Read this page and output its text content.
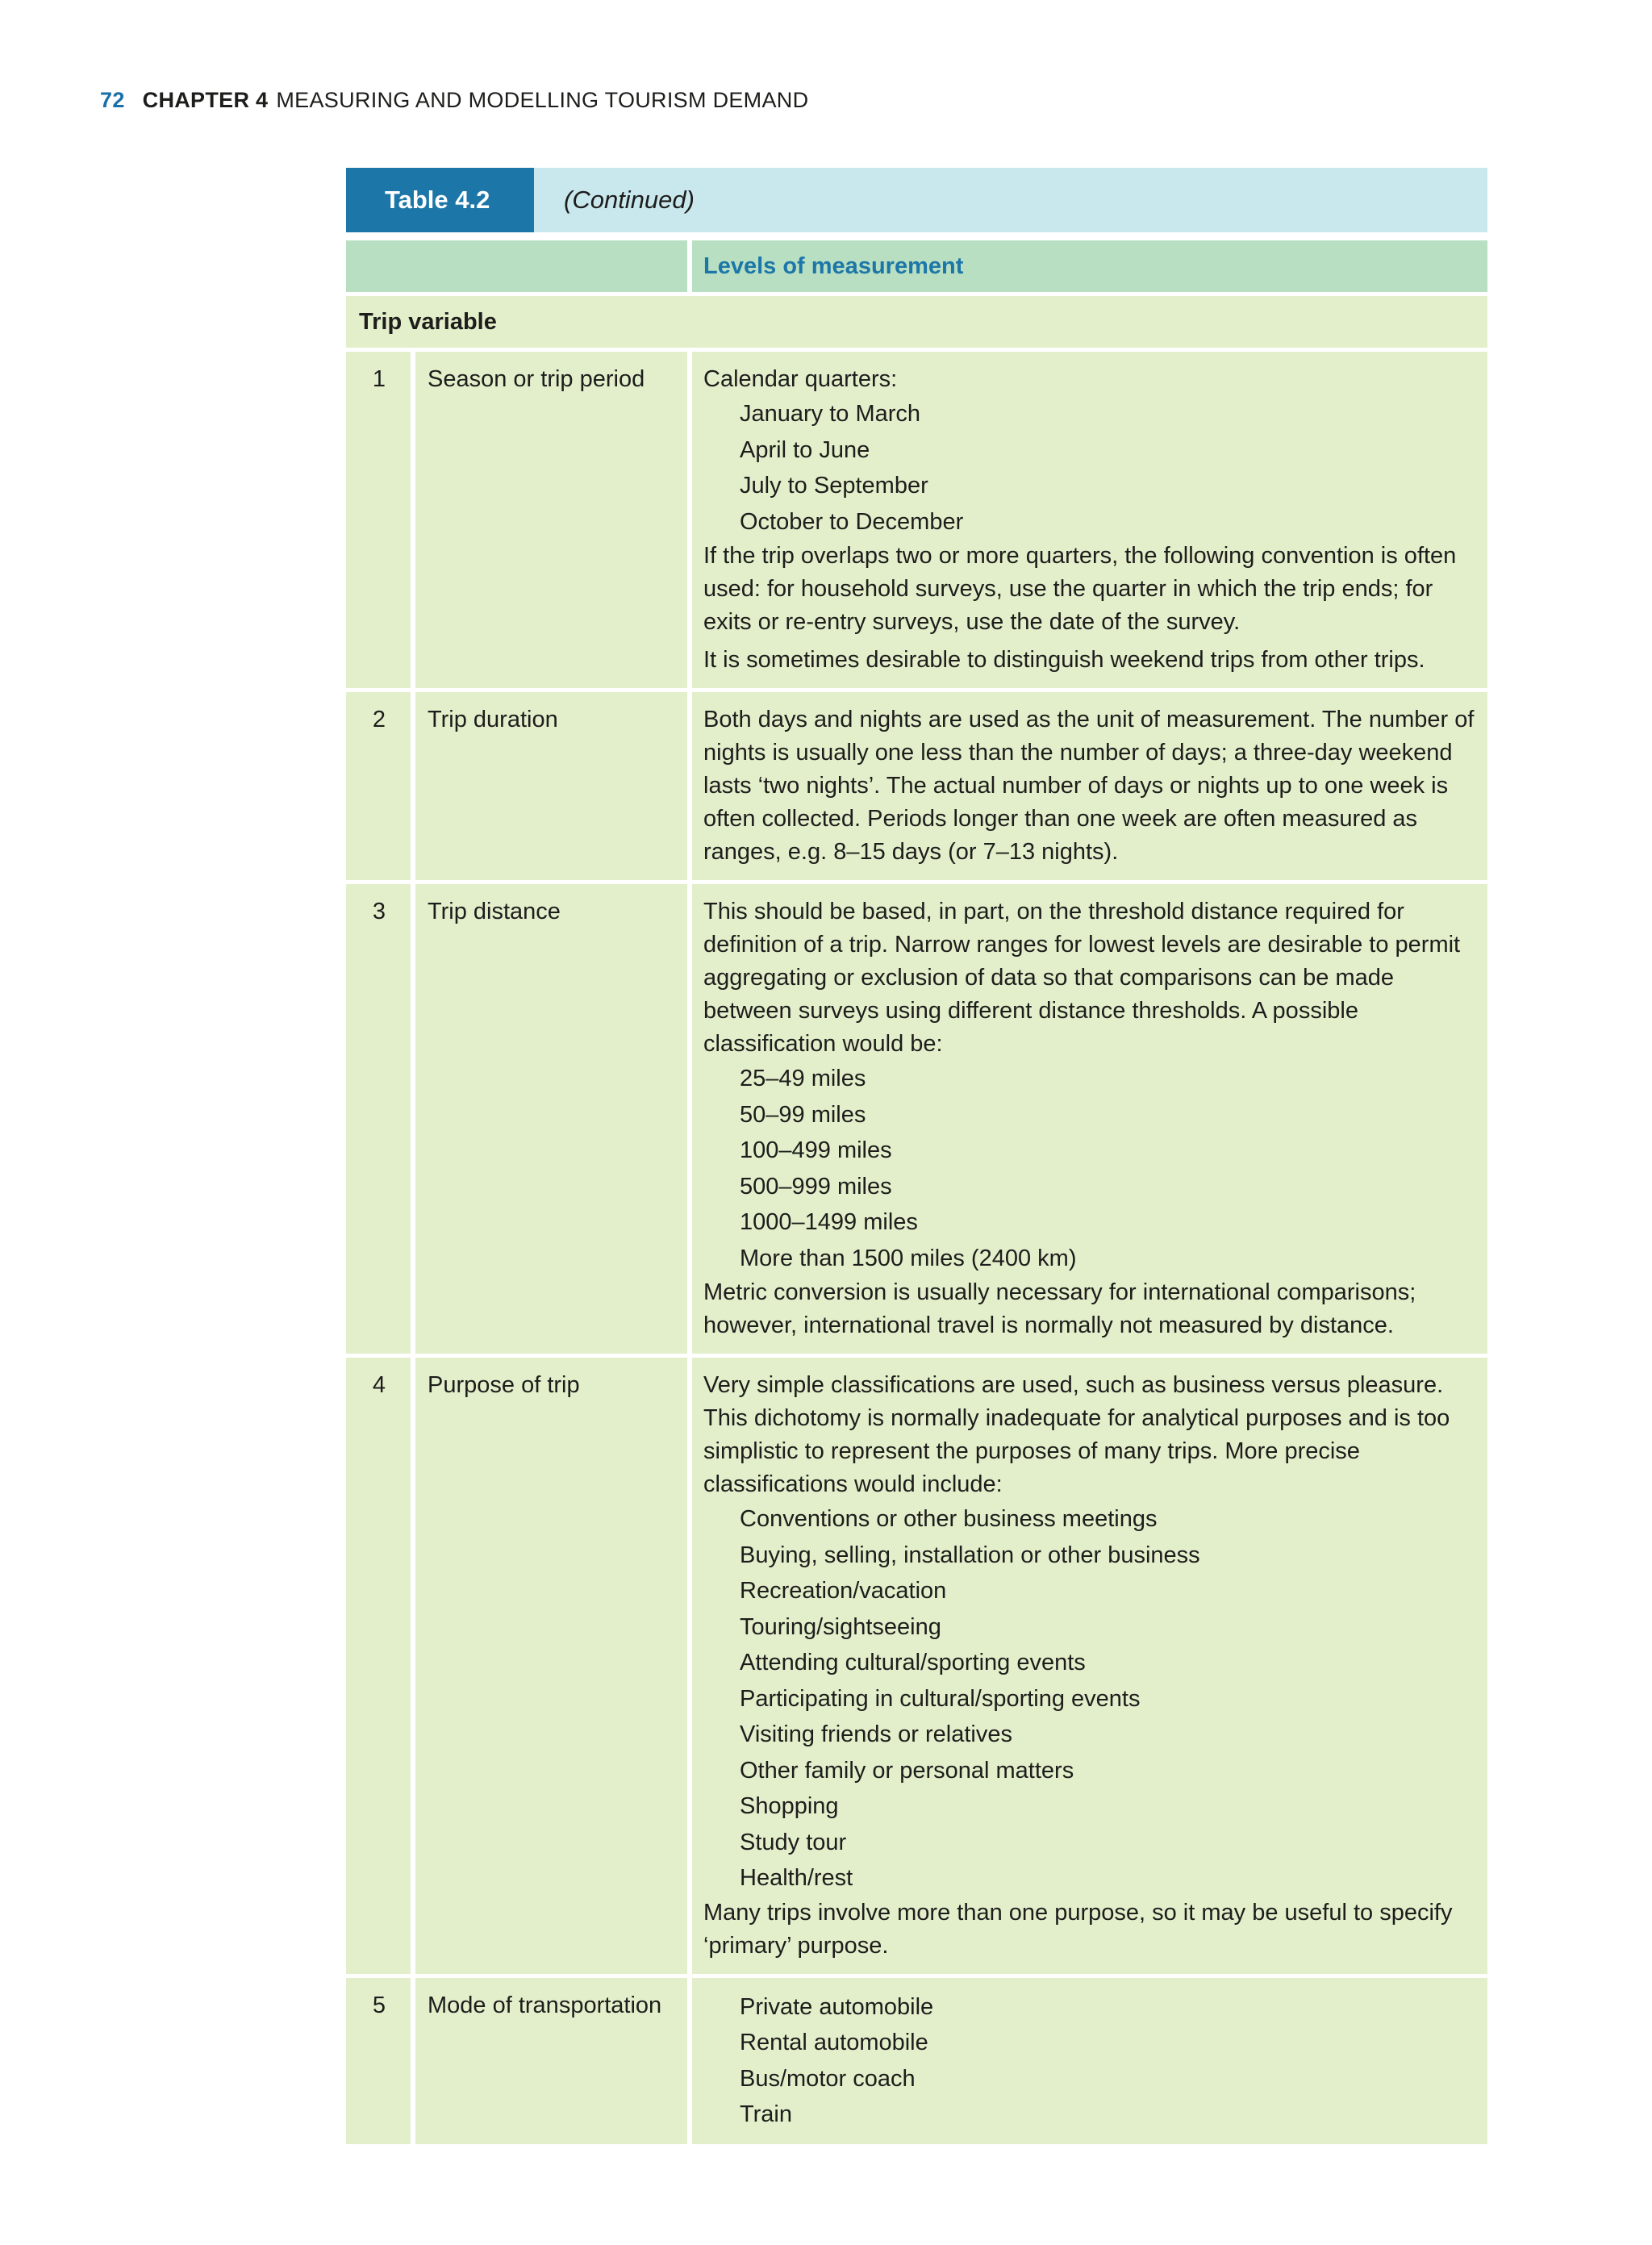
72 CHAPTER 4 MEASURING AND MODELLING TOURISM DEMAND
Table 4.2	(Continued)
Levels of measurement
Trip variable
1	Season or trip period	Calendar quarters:
January to March
April to June
July to September
October to December
If the trip overlaps two or more quarters, the following convention is often used: for household surveys, use the quarter in which the trip ends; for exits or re-entry surveys, use the date of the survey.
It is sometimes desirable to distinguish weekend trips from other trips.
2	Trip duration	Both days and nights are used as the unit of measurement. The number of nights is usually one less than the number of days; a three-day weekend lasts ‘two nights’. The actual number of days or nights up to one week is often collected. Periods longer than one week are often measured as ranges, e.g. 8–15 days (or 7–13 nights).
3	Trip distance	This should be based, in part, on the threshold distance required for definition of a trip. Narrow ranges for lowest levels are desirable to permit aggregating or exclusion of data so that comparisons can be made between surveys using different distance thresholds. A possible classification would be:
25–49 miles
50–99 miles
100–499 miles
500–999 miles
1000–1499 miles
More than 1500 miles (2400 km)
Metric conversion is usually necessary for international comparisons; however, international travel is normally not measured by distance.
4	Purpose of trip	Very simple classifications are used, such as business versus pleasure. This dichotomy is normally inadequate for analytical purposes and is too simplistic to represent the purposes of many trips. More precise classifications would include:
Conventions or other business meetings
Buying, selling, installation or other business
Recreation/vacation
Touring/sightseeing
Attending cultural/sporting events
Participating in cultural/sporting events
Visiting friends or relatives
Other family or personal matters
Shopping
Study tour
Health/rest
Many trips involve more than one purpose, so it may be useful to specify ‘primary’ purpose.
5	Mode of transportation	Private automobile
Rental automobile
Bus/motor coach
Train
